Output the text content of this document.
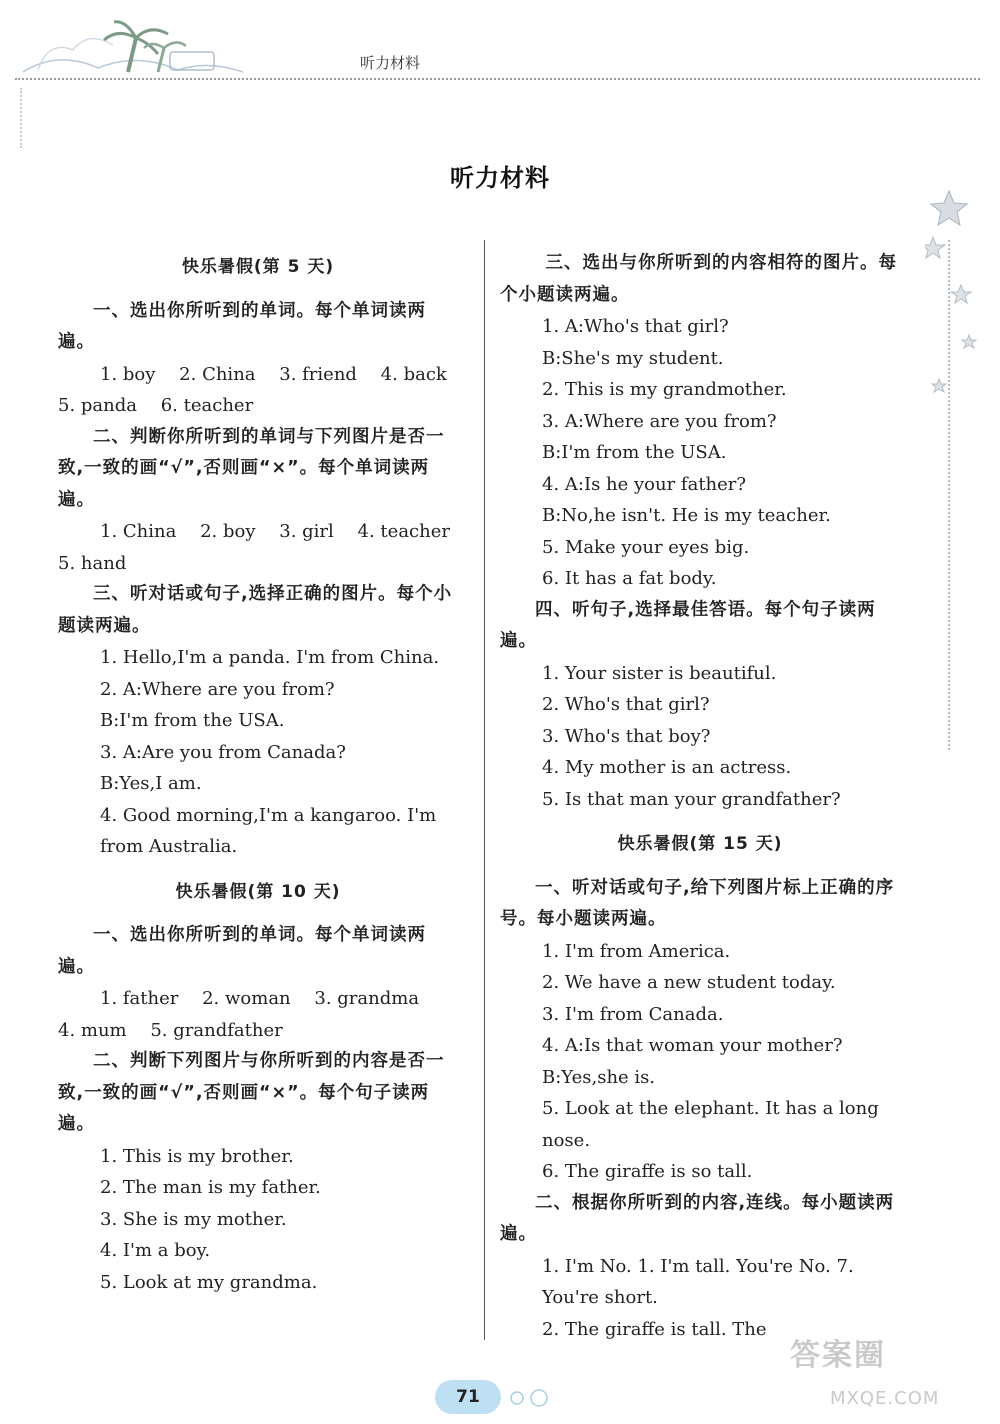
听力材料
听力材料
快乐暑假(第 5 天)

一、选出你所听到的单词。每个单词读两遍。

1. boy 2. China 3. friend 4. back
5. panda 6. teacher

二、判断你所听到的单词与下列图片是否一致,一致的画“√”,否则画“×”。每个单词读两遍。

1. China 2. boy 3. girl 4. teacher
5. hand

三、听对话或句子,选择正确的图片。每个小题读两遍。

1. Hello,I'm a panda. I'm from China.
2. A:Where are you from?
B:I'm from the USA.
3. A:Are you from Canada?
B:Yes,I am.
4. Good morning,I'm a kangaroo. I'm from Australia.
快乐暑假(第 10 天)

一、选出你所听到的单词。每个单词读两遍。

1. father 2. woman 3. grandma
4. mum 5. grandfather

二、判断下列图片与你所听到的内容是否一致,一致的画“√”,否则画“×”。每个句子读两遍。

1. This is my brother.
2. The man is my father.
3. She is my mother.
4. I'm a boy.
5. Look at my grandma.

三、选出与你所听到的内容相符的图片。每个小题读两遍。

1. A:Who's that girl?
B:She's my student.
2. This is my grandmother.
3. A:Where are you from?
B:I'm from the USA.
4. A:Is he your father?
B:No,he isn't. He is my teacher.
5. Make your eyes big.
6. It has a fat body.

四、听句子,选择最佳答语。每个句子读两遍。

1. Your sister is beautiful.
2. Who's that girl?
3. Who's that boy?
4. My mother is an actress.
5. Is that man your grandfather?
快乐暑假(第 15 天)

一、听对话或句子,给下列图片标上正确的序号。每小题读两遍。

1. I'm from America.
2. We have a new student today.
3. I'm from Canada.
4. A:Is that woman your mother?
B:Yes,she is.
5. Look at the elephant. It has a long nose.
6. The giraffe is so tall.

二、根据你所听到的内容,连线。每小题读两遍。

1. I'm No. 1. I'm tall. You're No. 7. You're short.
2. The giraffe is tall. The
71
答案圈
MXQE.COM
